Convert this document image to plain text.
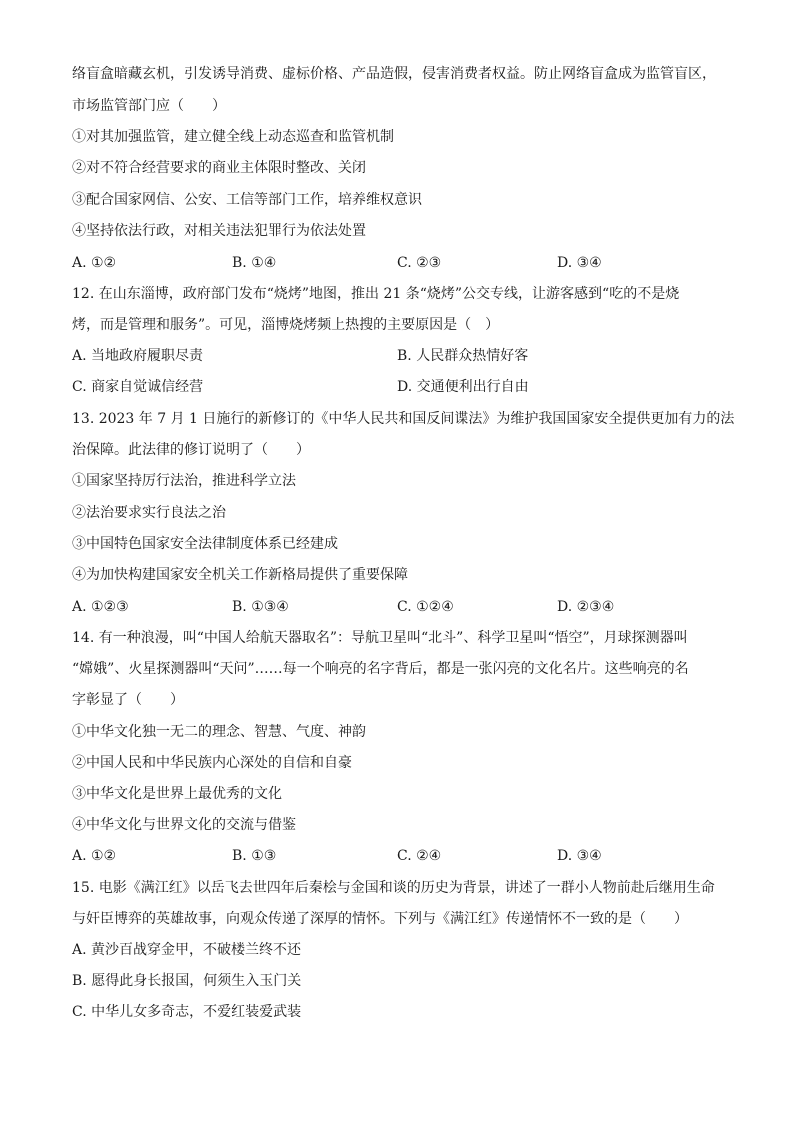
络盲盒暗藏玄机，引发诱导消费、虚标价格、产品造假，侵害消费者权益。防止网络盲盒成为监管盲区，
市场监管部门应（　　）
①对其加强监管，建立健全线上动态巡查和监管机制
②对不符合经营要求的商业主体限时整改、关闭
③配合国家网信、公安、工信等部门工作，培养维权意识
④坚持依法行政，对相关违法犯罪行为依法处置
A. ①②	B. ①④	C. ②③	D. ③④
12. 在山东淄博，政府部门发布“烧烤”地图，推出 21 条“烧烤”公交专线，让游客感到“吃的不是烧
烤，而是管理和服务”。可见，淄博烧烤频上热搜的主要原因是（　）
A. 当地政府履职尽责	B. 人民群众热情好客
C. 商家自觉诚信经营	D. 交通便利出行自由
13. 2023 年 7 月 1 日施行的新修订的《中华人民共和国反间谍法》为维护我国国家安全提供更加有力的法
治保障。此法律的修订说明了（　　）
①国家坚持厉行法治，推进科学立法
②法治要求实行良法之治
③中国特色国家安全法律制度体系已经建成
④为加快构建国家安全机关工作新格局提供了重要保障
A. ①②③	B. ①③④	C. ①②④	D. ②③④
14. 有一种浪漫，叫“中国人给航天器取名”：导航卫星叫“北斗”、科学卫星叫“悟空”，月球探测器叫
“嫦娥”、火星探测器叫“天问”……每一个响亮的名字背后，都是一张闪亮的文化名片。这些响亮的名
字彰显了（　　）
①中华文化独一无二的理念、智慧、气度、神韵
②中国人民和中华民族内心深处的自信和自豪
③中华文化是世界上最优秀的文化
④中华文化与世界文化的交流与借鉴
A. ①②	B. ①③	C. ②④	D. ③④
15. 电影《满江红》以岳飞去世四年后秦桧与金国和谈的历史为背景，讲述了一群小人物前赴后继用生命
与奸臣博弈的英雄故事，向观众传递了深厚的情怀。下列与《满江红》传递情怀不一致的是（　　）
A. 黄沙百战穿金甲，不破楼兰终不还
B. 愿得此身长报国，何须生入玉门关
C. 中华儿女多奇志，不爱红装爱武装
